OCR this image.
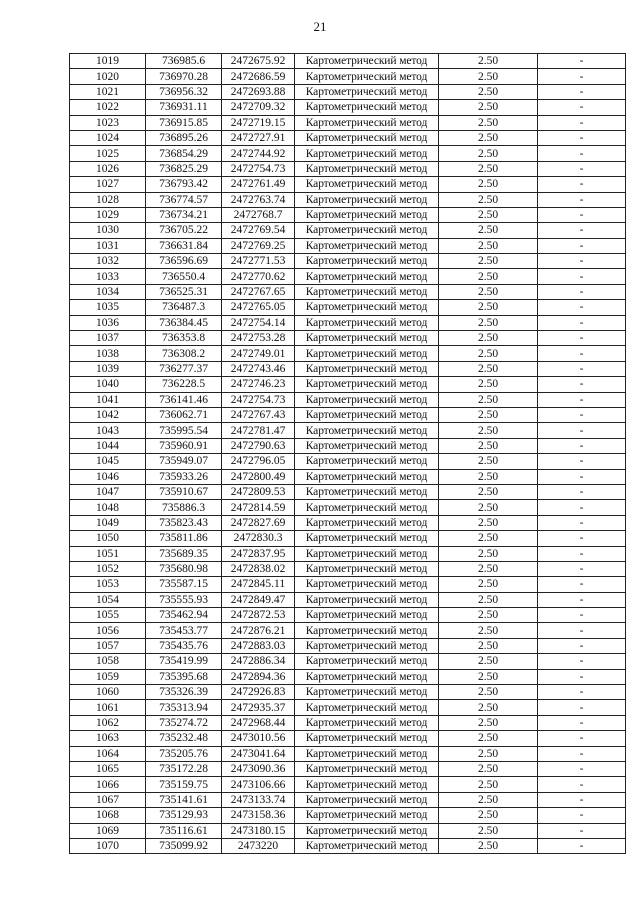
21
1019	736985.6	2472675.92	Картометрический метод	2.50	-
1020	736970.28	2472686.59	Картометрический метод	2.50	-
1021	736956.32	2472693.88	Картометрический метод	2.50	-
1022	736931.11	2472709.32	Картометрический метод	2.50	-
1023	736915.85	2472719.15	Картометрический метод	2.50	-
1024	736895.26	2472727.91	Картометрический метод	2.50	-
1025	736854.29	2472744.92	Картометрический метод	2.50	-
1026	736825.29	2472754.73	Картометрический метод	2.50	-
1027	736793.42	2472761.49	Картометрический метод	2.50	-
1028	736774.57	2472763.74	Картометрический метод	2.50	-
1029	736734.21	2472768.7	Картометрический метод	2.50	-
1030	736705.22	2472769.54	Картометрический метод	2.50	-
1031	736631.84	2472769.25	Картометрический метод	2.50	-
1032	736596.69	2472771.53	Картометрический метод	2.50	-
1033	736550.4	2472770.62	Картометрический метод	2.50	-
1034	736525.31	2472767.65	Картометрический метод	2.50	-
1035	736487.3	2472765.05	Картометрический метод	2.50	-
1036	736384.45	2472754.14	Картометрический метод	2.50	-
1037	736353.8	2472753.28	Картометрический метод	2.50	-
1038	736308.2	2472749.01	Картометрический метод	2.50	-
1039	736277.37	2472743.46	Картометрический метод	2.50	-
1040	736228.5	2472746.23	Картометрический метод	2.50	-
1041	736141.46	2472754.73	Картометрический метод	2.50	-
1042	736062.71	2472767.43	Картометрический метод	2.50	-
1043	735995.54	2472781.47	Картометрический метод	2.50	-
1044	735960.91	2472790.63	Картометрический метод	2.50	-
1045	735949.07	2472796.05	Картометрический метод	2.50	-
1046	735933.26	2472800.49	Картометрический метод	2.50	-
1047	735910.67	2472809.53	Картометрический метод	2.50	-
1048	735886.3	2472814.59	Картометрический метод	2.50	-
1049	735823.43	2472827.69	Картометрический метод	2.50	-
1050	735811.86	2472830.3	Картометрический метод	2.50	-
1051	735689.35	2472837.95	Картометрический метод	2.50	-
1052	735680.98	2472838.02	Картометрический метод	2.50	-
1053	735587.15	2472845.11	Картометрический метод	2.50	-
1054	735555.93	2472849.47	Картометрический метод	2.50	-
1055	735462.94	2472872.53	Картометрический метод	2.50	-
1056	735453.77	2472876.21	Картометрический метод	2.50	-
1057	735435.76	2472883.03	Картометрический метод	2.50	-
1058	735419.99	2472886.34	Картометрический метод	2.50	-
1059	735395.68	2472894.36	Картометрический метод	2.50	-
1060	735326.39	2472926.83	Картометрический метод	2.50	-
1061	735313.94	2472935.37	Картометрический метод	2.50	-
1062	735274.72	2472968.44	Картометрический метод	2.50	-
1063	735232.48	2473010.56	Картометрический метод	2.50	-
1064	735205.76	2473041.64	Картометрический метод	2.50	-
1065	735172.28	2473090.36	Картометрический метод	2.50	-
1066	735159.75	2473106.66	Картометрический метод	2.50	-
1067	735141.61	2473133.74	Картометрический метод	2.50	-
1068	735129.93	2473158.36	Картометрический метод	2.50	-
1069	735116.61	2473180.15	Картометрический метод	2.50	-
1070	735099.92	2473220	Картометрический метод	2.50	-
